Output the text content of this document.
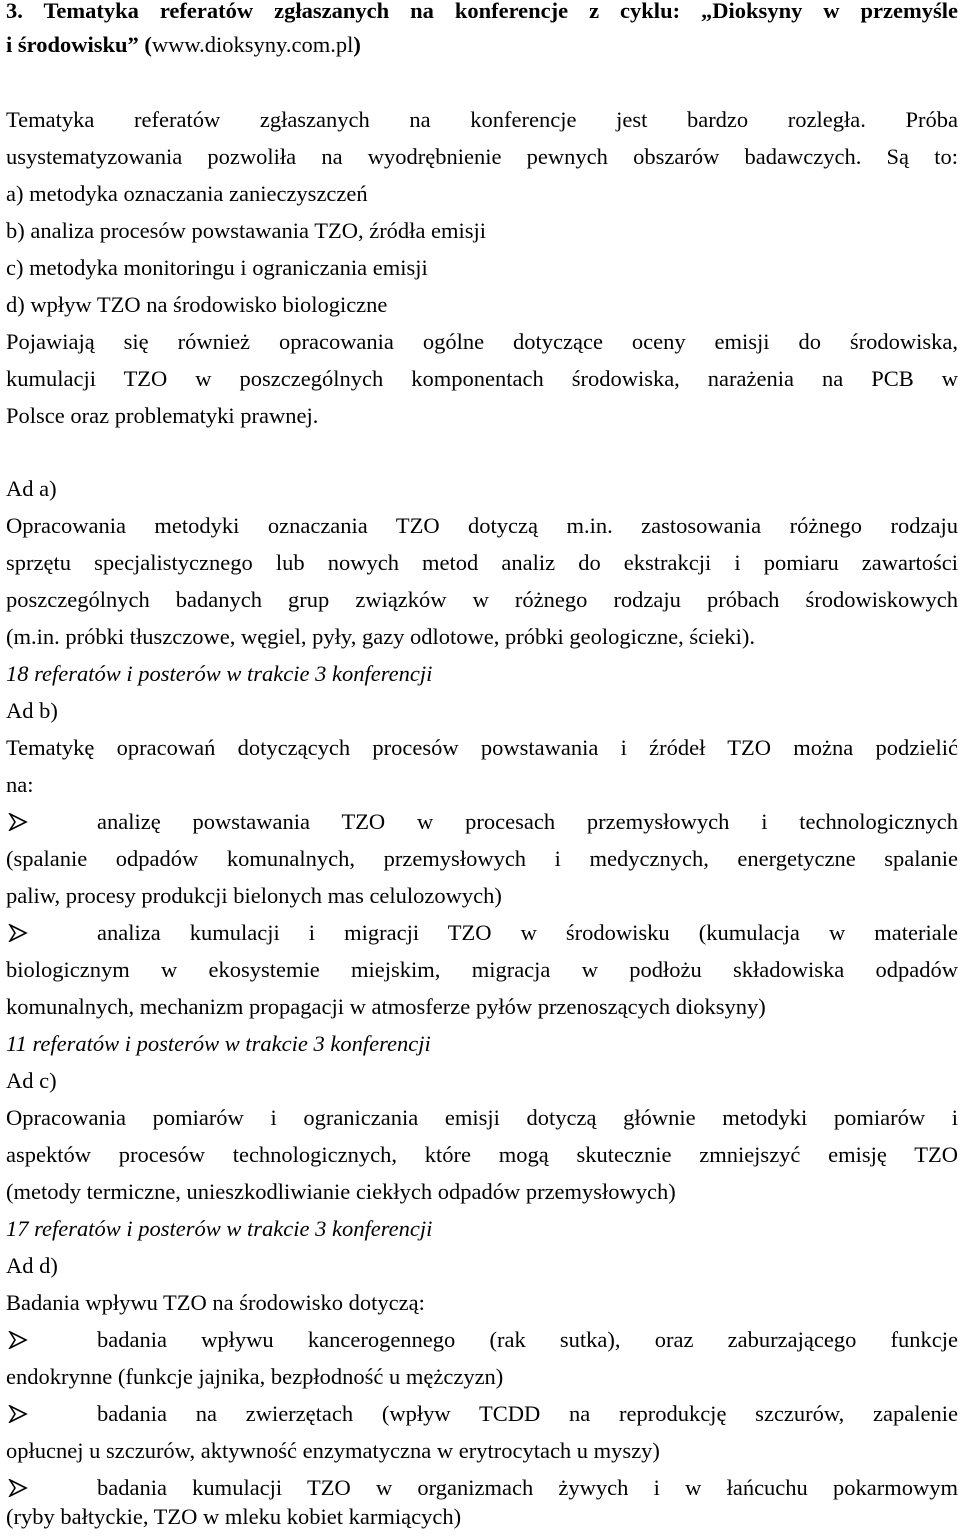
3. Tematyka referatów zgłaszanych na konferencje z cyklu: „Dioksyny w przemyśle
i środowisku” (www.dioksyny.com.pl)
Tematyka referatów zgłaszanych na konferencje jest bardzo rozległa. Próba
usystematyzowania pozwoliła na wyodrębnienie pewnych obszarów badawczych. Są to:
a) metodyka oznaczania zanieczyszczeń
b) analiza procesów powstawania TZO, źródła emisji
c) metodyka monitoringu i ograniczania emisji
d) wpływ TZO na środowisko biologiczne
Pojawiają się również opracowania ogólne dotyczące oceny emisji do środowiska,
kumulacji TZO w poszczególnych komponentach środowiska, narażenia na PCB w
Polsce oraz problematyki prawnej.
Ad a)
Opracowania metodyki oznaczania TZO dotyczą m.in. zastosowania różnego rodzaju
sprzętu specjalistycznego lub nowych metod analiz do ekstrakcji i pomiaru zawartości
poszczególnych badanych grup związków w różnego rodzaju próbach środowiskowych
(m.in. próbki tłuszczowe, węgiel, pyły, gazy odlotowe, próbki geologiczne, ścieki).
18 referatów i posterów w trakcie 3 konferencji
Ad b)
Tematykę opracowań dotyczących procesów powstawania i źródeł TZO można podzielić
na:
analizę powstawania TZO w procesach przemysłowych i technologicznych
(spalanie odpadów komunalnych, przemysłowych i medycznych, energetyczne spalanie
paliw, procesy produkcji bielonych mas celulozowych)
analiza kumulacji i migracji TZO w środowisku (kumulacja w materiale
biologicznym w ekosystemie miejskim, migracja w podłożu składowiska odpadów
komunalnych, mechanizm propagacji w atmosferze pyłów przenoszących dioksyny)
11 referatów i posterów w trakcie 3 konferencji
Ad c)
Opracowania pomiarów i ograniczania emisji dotyczą głównie metodyki pomiarów i
aspektów procesów technologicznych, które mogą skutecznie zmniejszyć emisję TZO
(metody termiczne, unieszkodliwianie ciekłych odpadów przemysłowych)
17 referatów i posterów w trakcie 3 konferencji
Ad d)
Badania wpływu TZO na środowisko dotyczą:
badania wpływu kancerogennego (rak sutka), oraz zaburzającego funkcje
endokrynne (funkcje jajnika, bezpłodność u mężczyzn)
badania na zwierzętach (wpływ TCDD na reprodukcję szczurów, zapalenie
opłucnej u szczurów, aktywność enzymatyczna w erytrocytach u myszy)
badania kumulacji TZO w organizmach żywych i w łańcuchu pokarmowym
(ryby bałtyckie, TZO w mleku kobiet karmiących)
